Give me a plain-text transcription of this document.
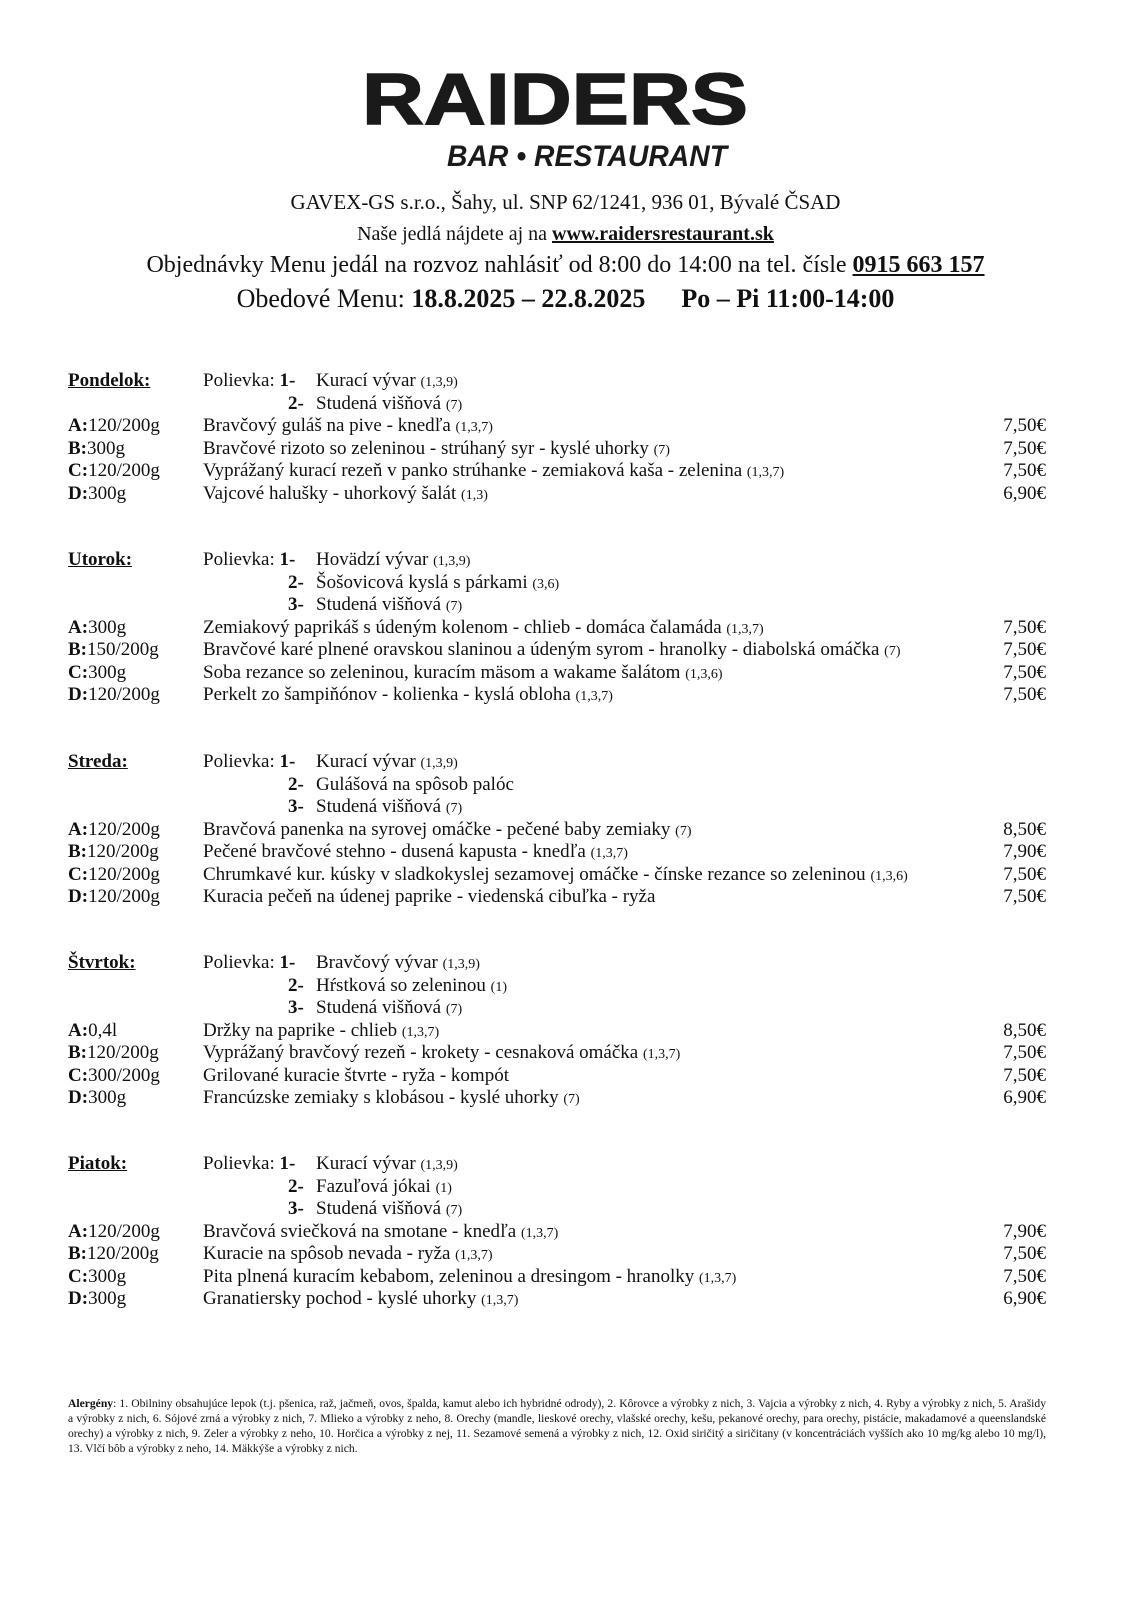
RAIDERS
BAR • RESTAURANT
GAVEX-GS s.r.o., Šahy, ul. SNP 62/1241, 936 01, Bývalé ČSAD
Naše jedlá nájdete aj na www.raidersrestaurant.sk
Objednávky Menu jedál na rozvoz nahlásiť od 8:00 do 14:00 na tel. čísle 0915 663 157
Obedové Menu: 18.8.2025 – 22.8.2025 Po – Pi 11:00-14:00
Pondelok:	Polievka: 1- Kurací vývar (1,3,9)
2- Studená višňová (7)
A:120/200g Bravčový guláš na pive - knedľa (1,3,7)	7,50€
B:300g	Bravčové rizoto so zeleninou - strúhaný syr - kyslé uhorky (7)	7,50€
C:120/200g Vyprážaný kurací rezeň v panko strúhanke - zemiaková kaša - zelenina (1,3,7)	7,50€
D:300g	Vajcové halušky - uhorkový šalát (1,3)	6,90€
Utorok:	Polievka: 1- Hovädzí vývar (1,3,9)
2- Šošovicová kyslá s párkami (3,6)
3- Studená višňová (7)
A:300g	Zemiakový paprikáš s údeným kolenom - chlieb - domáca čalamáda (1,3,7)	7,50€
B:150/200g Bravčové karé plnené oravskou slaninou a údeným syrom - hranolky - diabolská omáčka (7)	7,50€
C:300g	Soba rezance so zeleninou, kuracím mäsom a wakame šalátom (1,3,6)	7,50€
D:120/200g Perkelt zo šampiňónov - kolienka - kyslá obloha (1,3,7)	7,50€
Streda:	Polievka: 1- Kurací vývar (1,3,9)
2- Gulášová na spôsob palóc
3- Studená višňová (7)
A:120/200g Bravčová panenka na syrovej omáčke - pečené baby zemiaky (7)	8,50€
B:120/200g Pečené bravčové stehno - dusená kapusta - knedľa (1,3,7)	7,90€
C:120/200g Chrumkavé kur. kúsky v sladkokyslej sezamovej omáčke - čínske rezance so zeleninou (1,3,6)	7,50€
D:120/200g Kuracia pečeň na údenej paprike - viedenská cibuľka - ryža	7,50€
Štvrtok:	Polievka: 1- Bravčový vývar (1,3,9)
2- Hŕstková so zeleninou (1)
3- Studená višňová (7)
A:0,4l	Držky na paprike - chlieb (1,3,7)	8,50€
B:120/200g Vyprážaný bravčový rezeň - krokety - cesnaková omáčka (1,3,7)	7,50€
C:300/200g Grilované kuracie štvrte - ryža - kompót	7,50€
D:300g	Francúzske zemiaky s klobásou - kyslé uhorky (7)	6,90€
Piatok:	Polievka: 1- Kurací vývar (1,3,9)
2- Fazuľová jókai (1)
3- Studená višňová (7)
A:120/200g Bravčová sviečková na smotane - knedľa (1,3,7)	7,90€
B:120/200g Kuracie na spôsob nevada - ryža (1,3,7)	7,50€
C:300g	Pita plnená kuracím kebabom, zeleninou a dresingom - hranolky (1,3,7)	7,50€
D:300g	Granatiersky pochod - kyslé uhorky (1,3,7)	6,90€
Alergény: 1. Obilniny obsahujúce lepok (t.j. pšenica, raž, jačmeň, ovos, špalda, kamut alebo ich hybridné odrody), 2. Kôrovce a výrobky z nich, 3. Vajcia a výrobky z nich, 4. Ryby a výrobky z nich, 5. Arašidy a výrobky z nich, 6. Sójové zrná a výrobky z nich, 7. Mlieko a výrobky z neho, 8. Orechy (mandle, lieskové orechy, vlašské orechy, kešu, pekanové orechy, para orechy, pistácie, makadamové a queenslandské orechy) a výrobky z nich, 9. Zeler a výrobky z neho, 10. Horčica a výrobky z nej, 11. Sezamové semená a výrobky z nich, 12. Oxid siričitý a siričitany (v koncentráciách vyšších ako 10 mg/kg alebo 10 mg/l), 13. Vlčí bôb a výrobky z neho, 14. Mäkkýše a výrobky z nich.
